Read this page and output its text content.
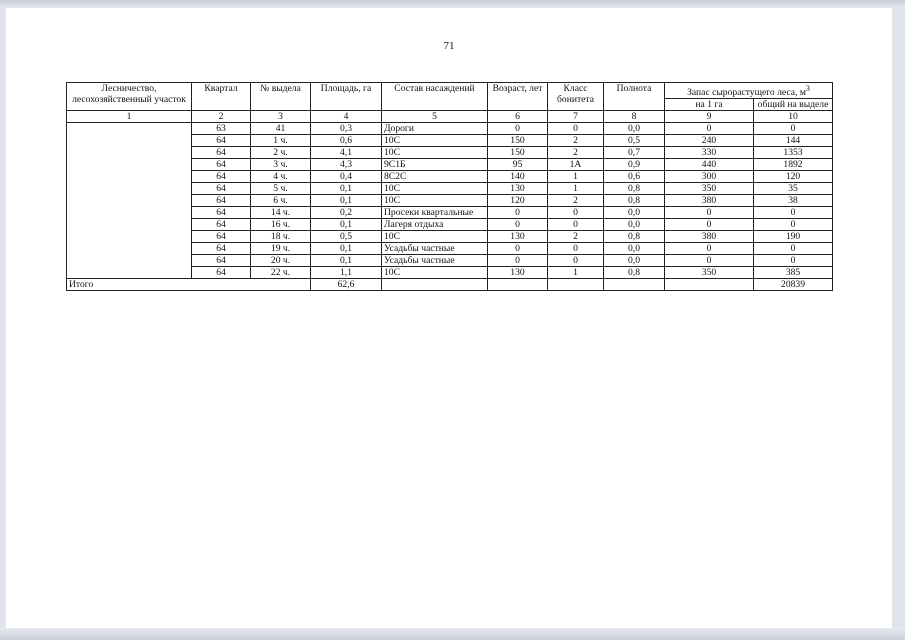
71
Лесничество, лесохозяйственный участок	Квартал	№ выдела	Площадь, га	Состав насаждений	Возраст, лет	Класс бонитета	Полнота	Запас сырорастущего леса, $м^3$
								на 1 га	общий на выделе
1	2	3	4	5	6	7	8	9	10
	63	41	0,3	Дороги	0	0	0,0	0	0
	64	1 ч.	0,6	10С	150	2	0,5	240	144
	64	2 ч.	4,1	10С	150	2	0,7	330	1353
	64	3 ч.	4,3	9С1Б	95	1А	0,9	440	1892
	64	4 ч.	0,4	8С2С	140	1	0,6	300	120
	64	5 ч.	0,1	10С	130	1	0,8	350	35
	64	6 ч.	0,1	10С	120	2	0,8	380	38
	64	14 ч.	0,2	Просеки квартальные	0	0	0,0	0	0
	64	16 ч.	0,1	Лагеря отдыха	0	0	0,0	0	0
	64	18 ч.	0,5	10С	130	2	0,8	380	190
	64	19 ч.	0,1	Усадьбы частные	0	0	0,0	0	0
	64	20 ч.	0,1	Усадьбы частные	0	0	0,0	0	0
	64	22 ч.	1,1	10С	130	1	0,8	350	385
Итого			62,6						20839
